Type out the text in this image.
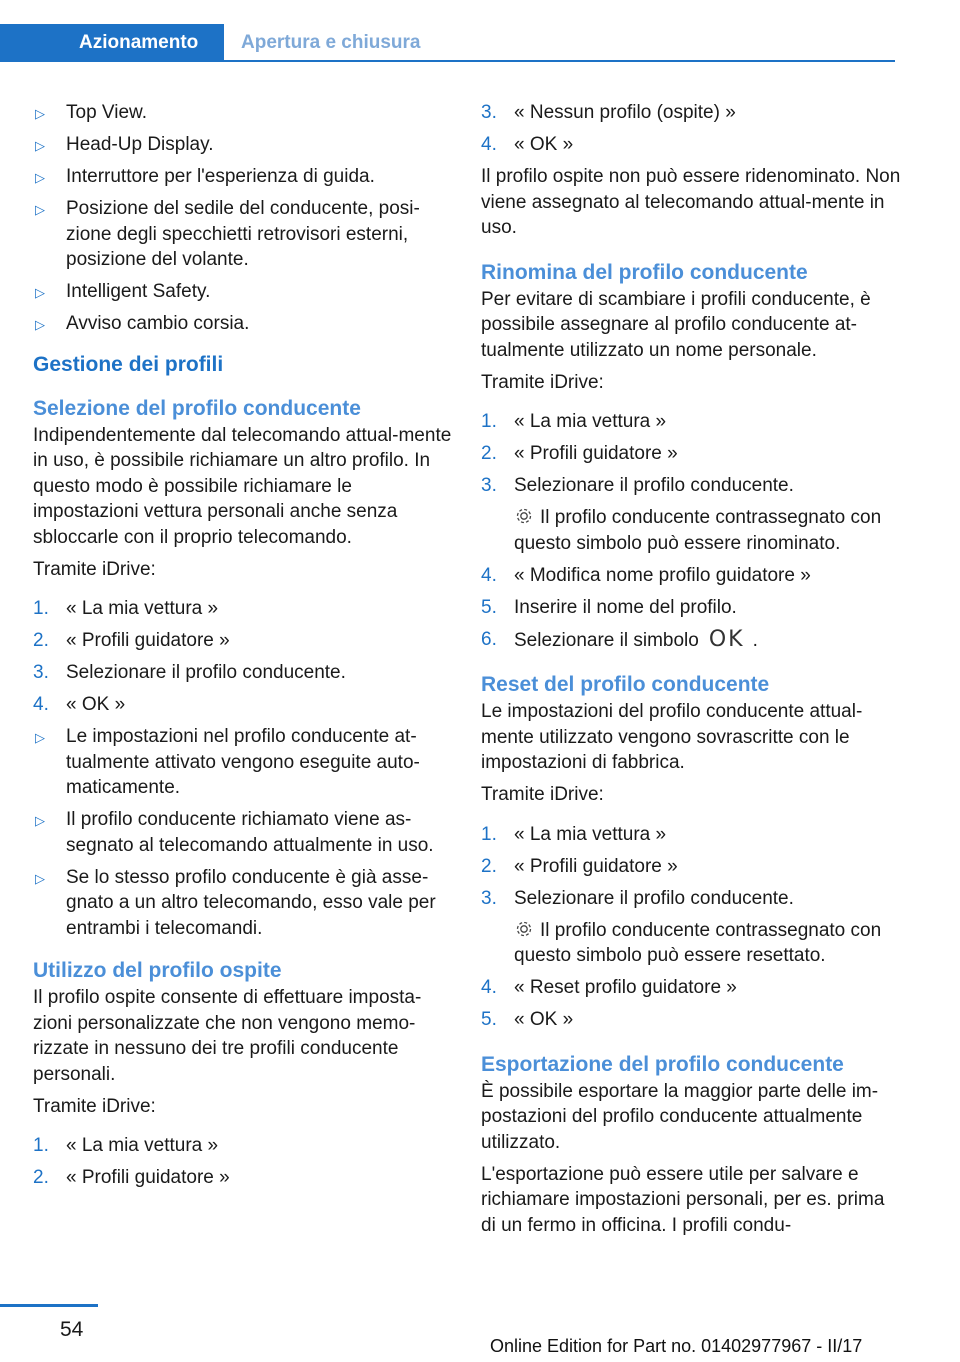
Azionamento	Apertura e chiusura
▷ Top View.
▷ Head-Up Display.
▷ Interruttore per l'esperienza di guida.
▷ Posizione del sedile del conducente, posi-zione degli specchietti retrovisori esterni, posizione del volante.
▷ Intelligent Safety.
▷ Avviso cambio corsia.
Gestione dei profili
Selezione del profilo conducente
Indipendentemente dal telecomando attual-mente in uso, è possibile richiamare un altro profilo. In questo modo è possibile richiamare le impostazioni vettura personali anche senza sbloccarle con il proprio telecomando.
Tramite iDrive:
1. « La mia vettura »
2. « Profili guidatore »
3. Selezionare il profilo conducente.
4. « OK »
▷ Le impostazioni nel profilo conducente at-tualmente attivato vengono eseguite auto-maticamente.
▷ Il profilo conducente richiamato viene as-segnato al telecomando attualmente in uso.
▷ Se lo stesso profilo conducente è già asse-gnato a un altro telecomando, esso vale per entrambi i telecomandi.
Utilizzo del profilo ospite
Il profilo ospite consente di effettuare imposta-zioni personalizzate che non vengono memo-rizzate in nessuno dei tre profili conducente personali.
Tramite iDrive:
1. « La mia vettura »
2. « Profili guidatore »
3. « Nessun profilo (ospite) »
4. « OK »
Il profilo ospite non può essere ridenominato. Non viene assegnato al telecomando attual-mente in uso.
Rinomina del profilo conducente
Per evitare di scambiare i profili conducente, è possibile assegnare al profilo conducente at-tualmente utilizzato un nome personale.
Tramite iDrive:
1. « La mia vettura »
2. « Profili guidatore »
3. Selezionare il profilo conducente.
Il profilo conducente contrassegnato con questo simbolo può essere rinominato.
4. « Modifica nome profilo guidatore »
5. Inserire il nome del profilo.
6. Selezionare il simbolo OK .
Reset del profilo conducente
Le impostazioni del profilo conducente attual-mente utilizzato vengono sovrascritte con le impostazioni di fabbrica.
Tramite iDrive:
1. « La mia vettura »
2. « Profili guidatore »
3. Selezionare il profilo conducente.
Il profilo conducente contrassegnato con questo simbolo può essere resettato.
4. « Reset profilo guidatore »
5. « OK »
Esportazione del profilo conducente
È possibile esportare la maggior parte delle im-postazioni del profilo conducente attualmente utilizzato.
L'esportazione può essere utile per salvare e richiamare impostazioni personali, per es. prima di un fermo in officina. I profili condu-
54
Online Edition for Part no. 01402977967 - II/17
